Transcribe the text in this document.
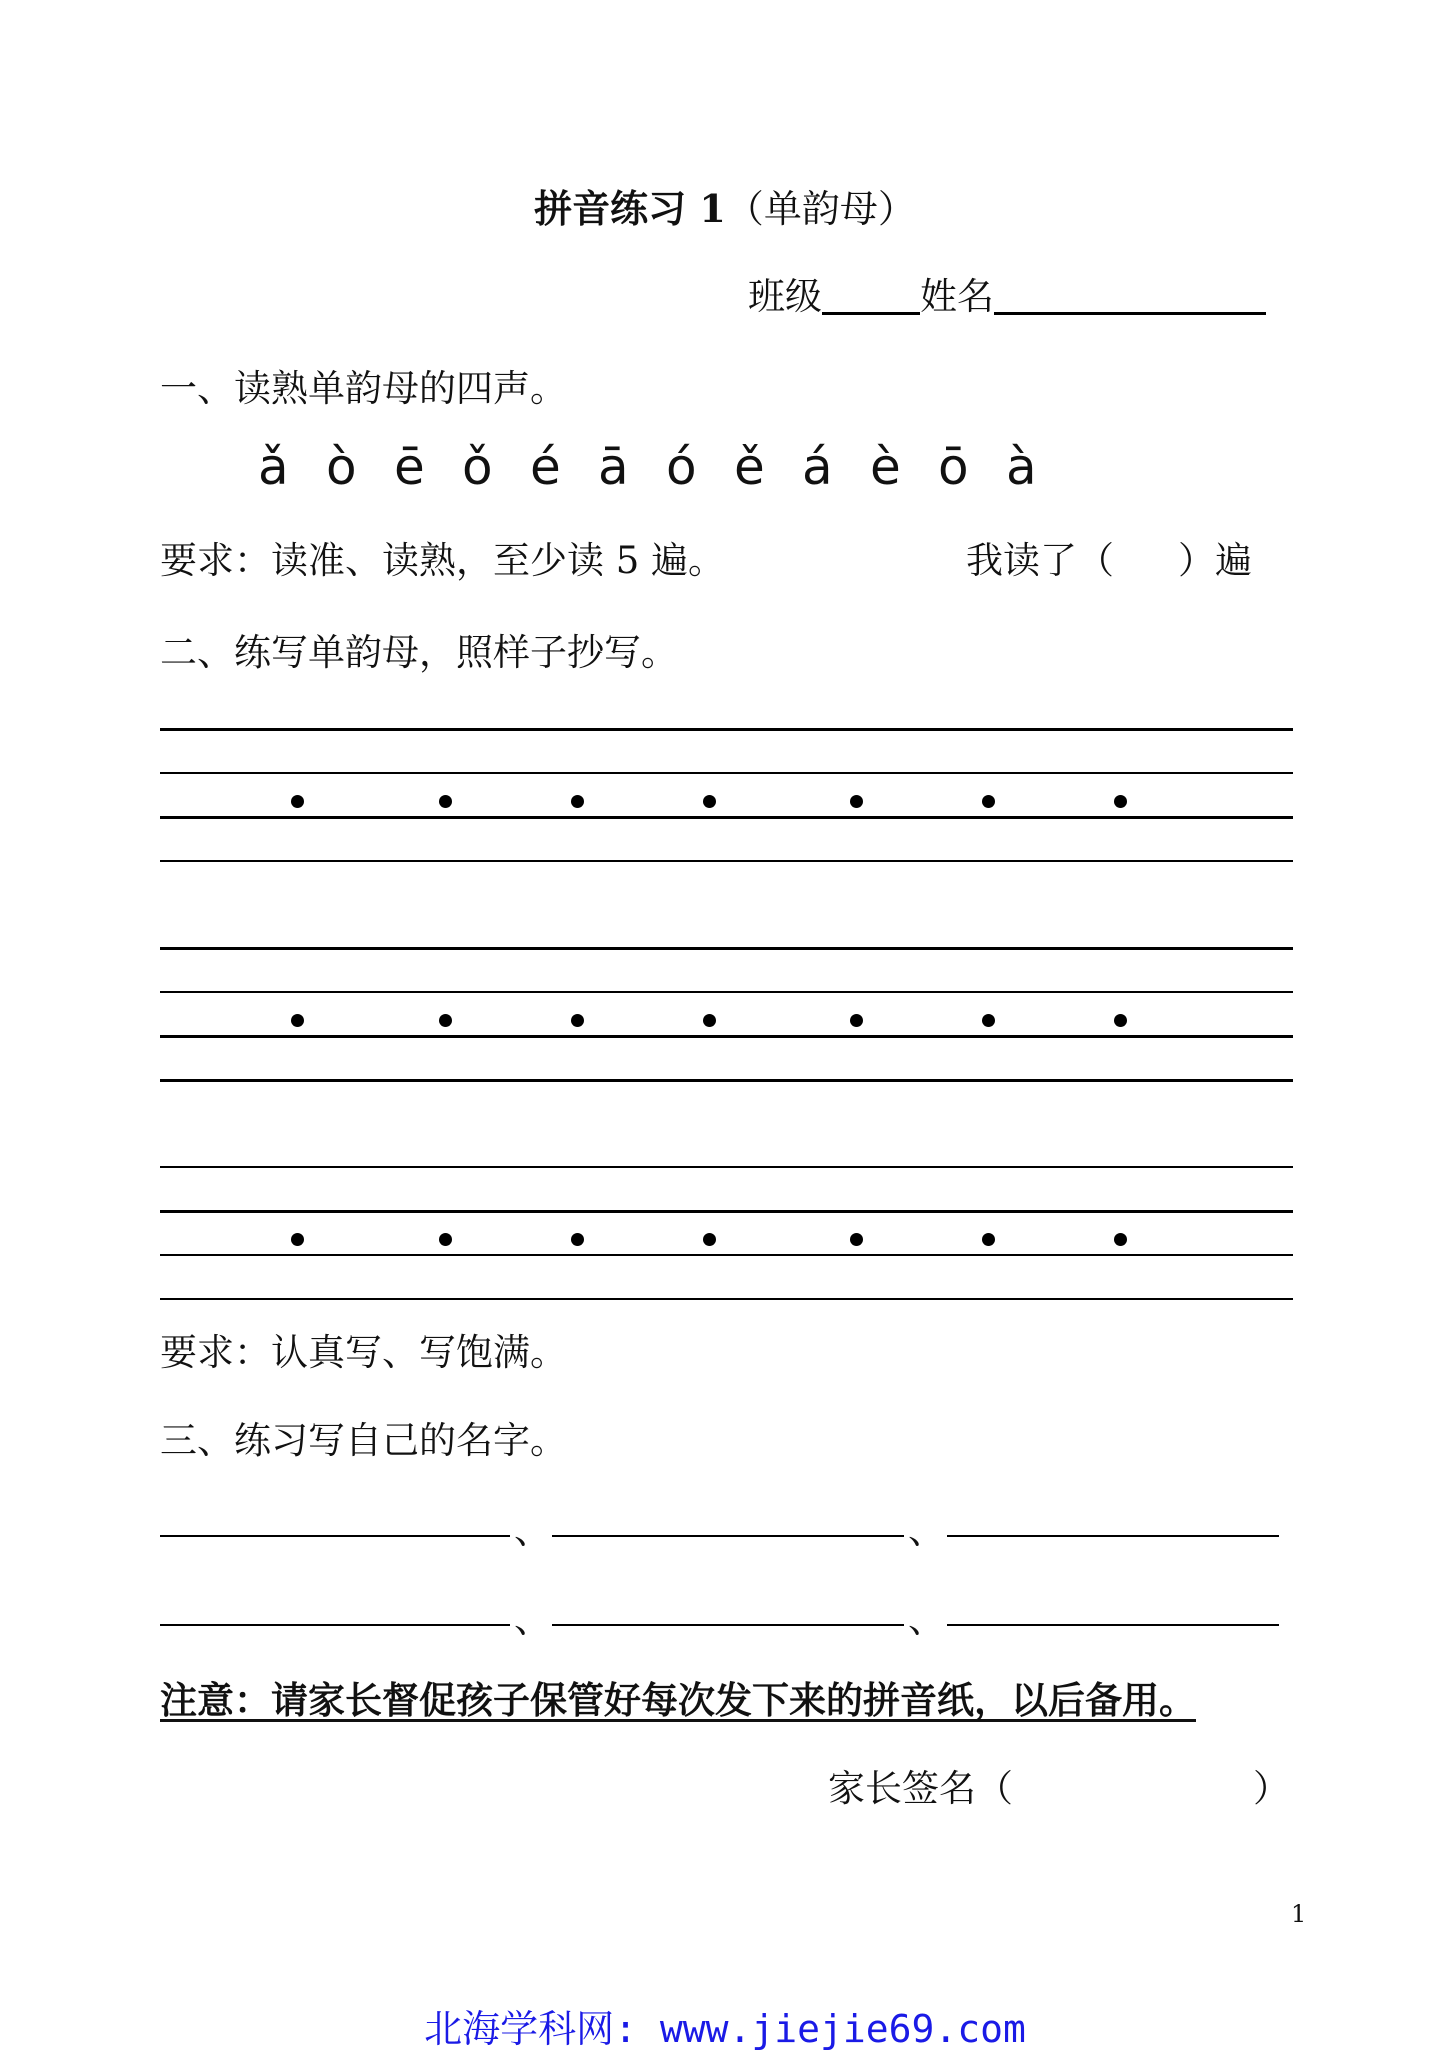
拼音练习 1（单韵母）
班级	姓名
一、读熟单韵母的四声。
ǎ ò ē ǒ é ā ó ě á è ō à
要求：读准、读熟，至少读 5 遍。	我读了（ ）遍
二、练写单韵母，照样子抄写。
要求：认真写、写饱满。
三、练习写自己的名字。
、	、
、	、
注意：请家长督促孩子保管好每次发下来的拼音纸，以后备用。
家长签名（	）
1
北海学科网: www.jiejie69.com
